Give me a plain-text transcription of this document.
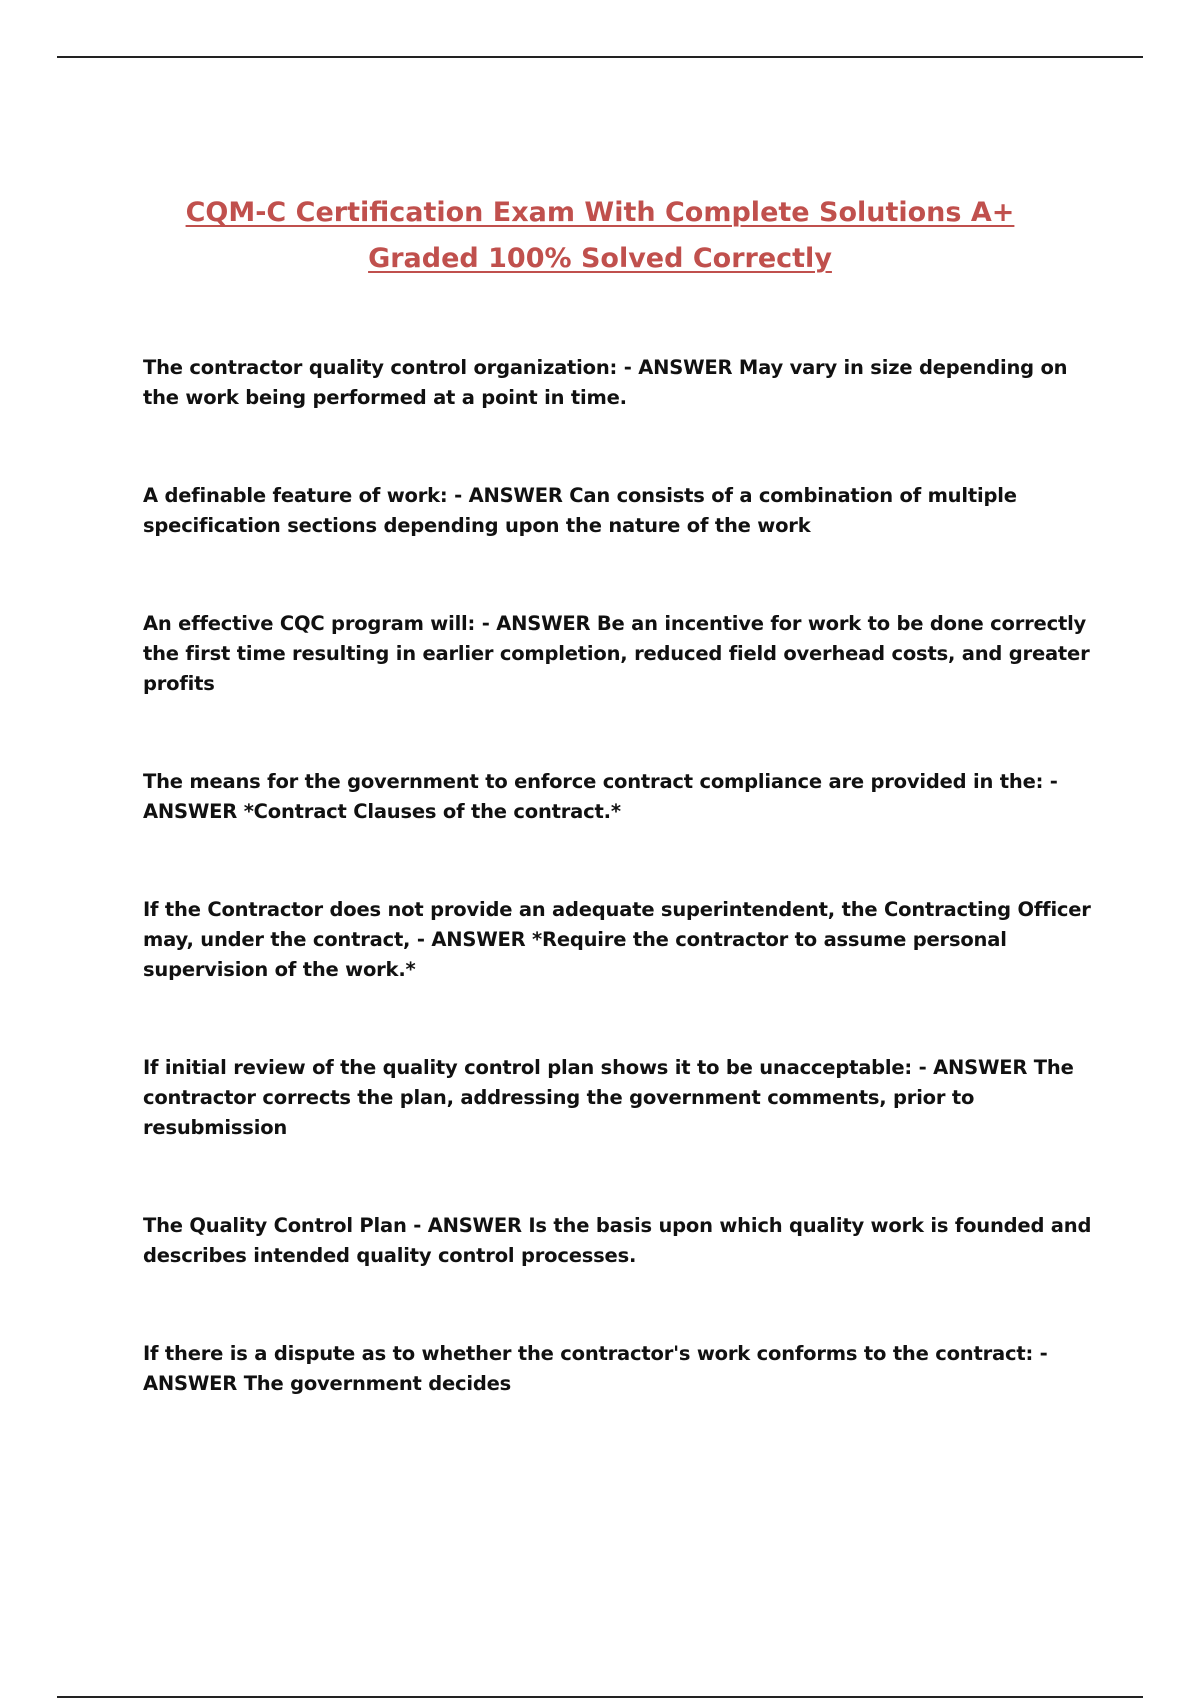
CQM-C Certification Exam With Complete Solutions A+
Graded 100% Solved Correctly
The contractor quality control organization: - ANSWER May vary in size depending on the work being performed at a point in time.
A definable feature of work: - ANSWER Can consists of a combination of multiple specification sections depending upon the nature of the work
An effective CQC program will: - ANSWER Be an incentive for work to be done correctly the first time resulting in earlier completion, reduced field overhead costs, and greater profits
The means for the government to enforce contract compliance are provided in the: - ANSWER *Contract Clauses of the contract.*
If the Contractor does not provide an adequate superintendent, the Contracting Officer may, under the contract, - ANSWER *Require the contractor to assume personal supervision of the work.*
If initial review of the quality control plan shows it to be unacceptable: - ANSWER The contractor corrects the plan, addressing the government comments, prior to resubmission
The Quality Control Plan - ANSWER Is the basis upon which quality work is founded and describes intended quality control processes.
If there is a dispute as to whether the contractor's work conforms to the contract: - ANSWER The government decides
